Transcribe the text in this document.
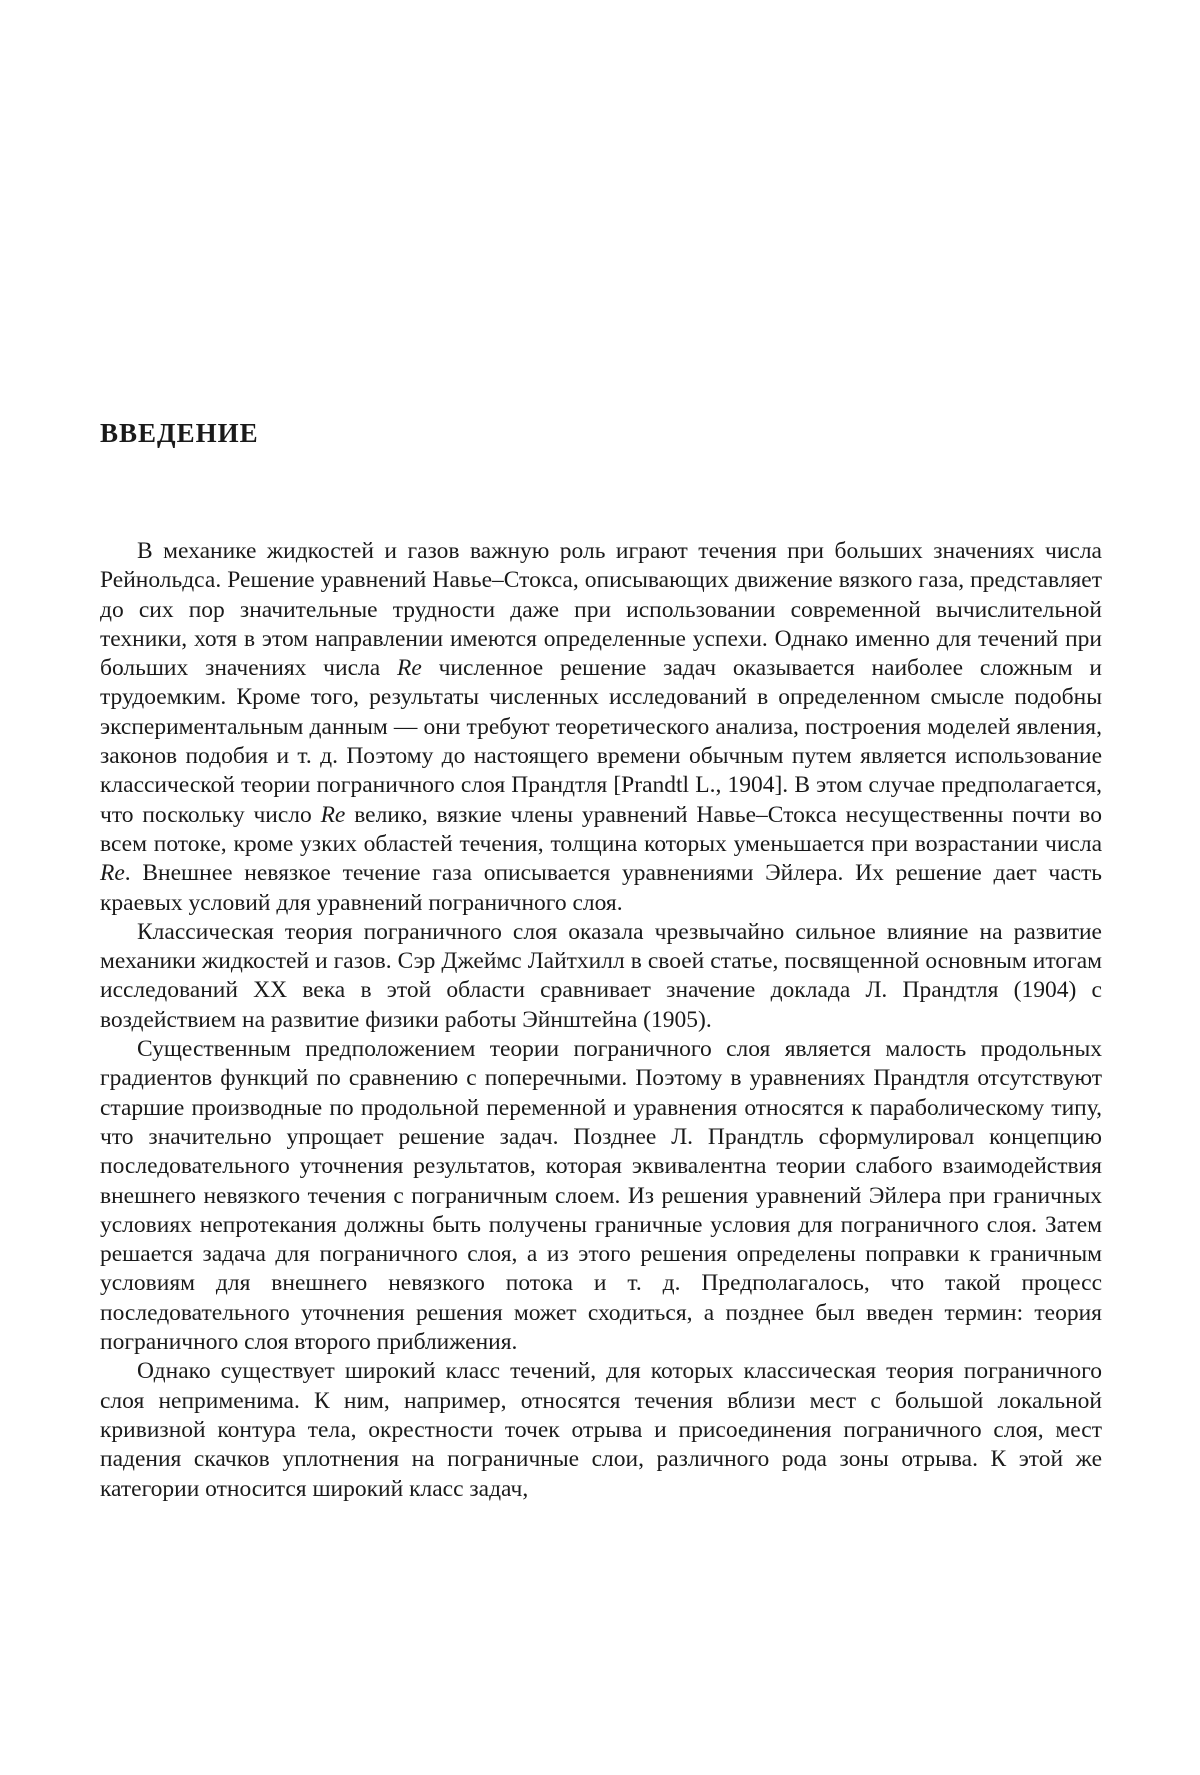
ВВЕДЕНИЕ

В механике жидкостей и газов важную роль играют течения при больших значениях числа Рейнольдса. Решение уравнений Навье–Стокса, описывающих движение вязкого газа, представляет до сих пор значительные трудности даже при использовании современной вычислительной техники, хотя в этом направлении имеются определенные успехи. Однако именно для течений при больших значениях числа Re численное решение задач оказывается наиболее сложным и трудоемким. Кроме того, результаты численных исследований в определенном смысле подобны экспериментальным данным — они требуют теоретического анализа, построения моделей явления, законов подобия и т. д. Поэтому до настоящего времени обычным путем является использование классической теории пограничного слоя Прандтля [Prandtl L., 1904]. В этом случае предполагается, что поскольку число Re велико, вязкие члены уравнений Навье–Стокса несущественны почти во всем потоке, кроме узких областей течения, толщина которых уменьшается при возрастании числа Re. Внешнее невязкое течение газа описывается уравнениями Эйлера. Их решение дает часть краевых условий для уравнений пограничного слоя.

Классическая теория пограничного слоя оказала чрезвычайно сильное влияние на развитие механики жидкостей и газов. Сэр Джеймс Лайтхилл в своей статье, посвященной основным итогам исследований XX века в этой области сравнивает значение доклада Л. Прандтля (1904) с воздействием на развитие физики работы Эйнштейна (1905).

Существенным предположением теории пограничного слоя является малость продольных градиентов функций по сравнению с поперечными. Поэтому в уравнениях Прандтля отсутствуют старшие производные по продольной переменной и уравнения относятся к параболическому типу, что значительно упрощает решение задач. Позднее Л. Прандтль сформулировал концепцию последовательного уточнения результатов, которая эквивалентна теории слабого взаимодействия внешнего невязкого течения с пограничным слоем. Из решения уравнений Эйлера при граничных условиях непротекания должны быть получены граничные условия для пограничного слоя. Затем решается задача для пограничного слоя, а из этого решения определены поправки к граничным условиям для внешнего невязкого потока и т. д. Предполагалось, что такой процесс последовательного уточнения решения может сходиться, а позднее был введен термин: теория пограничного слоя второго приближения.

Однако существует широкий класс течений, для которых классическая теория пограничного слоя неприменима. К ним, например, относятся течения вблизи мест с большой локальной кривизной контура тела, окрестности точек отрыва и присоединения пограничного слоя, мест падения скачков уплотнения на пограничные слои, различного рода зоны отрыва. К этой же категории относится широкий класс задач,
